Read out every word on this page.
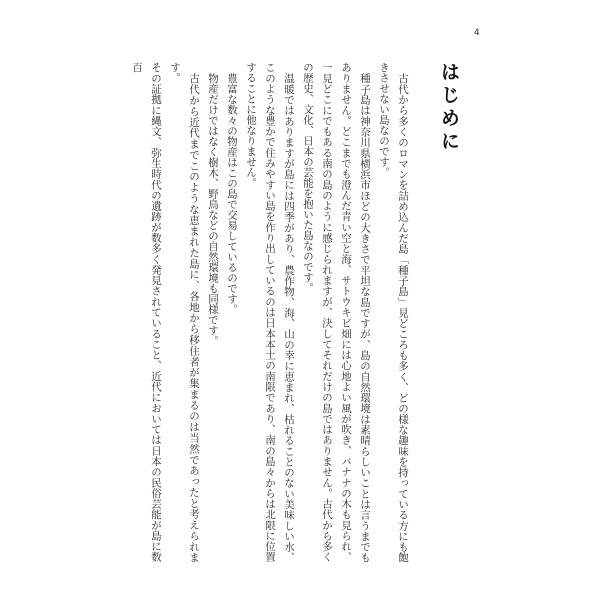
4
はじめに

古代から多くのロマンを詰め込んだ島「種子島」見どころも多く、どの様な趣味を持っている方にも飽きさせない島なのです。

種子島は神奈川県横浜市ほどの大きさで平坦な島ですが、島の自然環境は素晴らしいことは言うまでもありません。どこまでも澄んだ青い空と海、サトウキビ畑には心地よい風が吹き、バナナの木も見られ、一見どこにでもある南の島のように感じられますが、決してそれだけの島ではありません。古代から多くの歴史、文化、日本の芸能を抱いた島なのです。

温暖ではありますが島には四季があり、農作物、海、山の幸に恵まれ、枯れることのない美味しい水、このような豊かで住みやすい島を作り出しているのは日本本土の南限であり、南の島々からは北限に位置することに他なりません。

豊富な数々の物産はこの島で交易しているのです。

物産だけではなく樹木、野鳥などの自然環境も同様です。

古代から近代までこのような恵まれた島に、各地から移住者が集まるのは当然であったと考えられます。

その証拠に縄文、弥生時代の遺跡が数多く発見されていること、近代においては日本の民俗芸能が島に数百
